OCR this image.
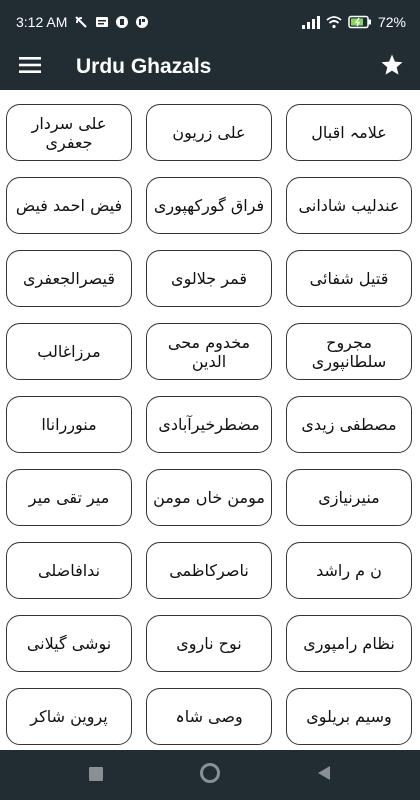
3:12 AM	72%
Urdu Ghazals
علی سردار جعفری	علی زریون	علامہ اقبال
فیض احمد فیض فراق گورکھپوری عندلیب شادانی
قیصرالجعفری	قمر جلالوی	قتیل شفائی
مرزاغالب	مخدوم محی الدین
مجروح سلطانپوری
منورراناا	مضطرخیرآبادی	مصطفی زیدی
میر تقی میر	مومن خاں مومن	منیرنیازی
ندافاضلی	ناصرکاظمی	ن م راشد
نوشی گیلانی	نوح ناروی	نظام رامپوری
پروین شاکر	وصی شاہ	وسیم بریلوی
